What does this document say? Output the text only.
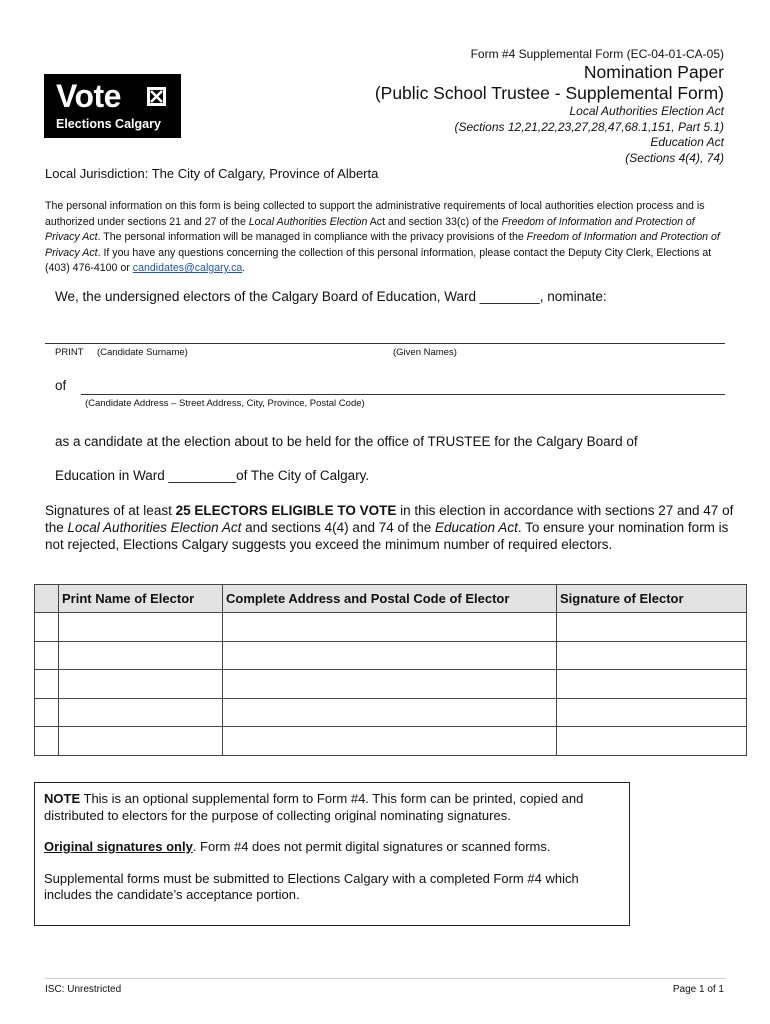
Vote
Elections Calgary
Form #4 Supplemental Form (EC-04-01-CA-05)
Nomination Paper
(Public School Trustee - Supplemental Form)
Local Authorities Election Act
(Sections 12,21,22,23,27,28,47,68.1,151, Part 5.1)
Education Act
(Sections 4(4), 74)
Local Jurisdiction: The City of Calgary, Province of Alberta
The personal information on this form is being collected to support the administrative requirements of local authorities election process and is authorized under sections 21 and 27 of the Local Authorities Election Act and section 33(c) of the Freedom of Information and Protection of Privacy Act. The personal information will be managed in compliance with the privacy provisions of the Freedom of Information and Protection of Privacy Act. If you have any questions concerning the collection of this personal information, please contact the Deputy City Clerk, Elections at (403) 476-4100 or candidates@calgary.ca.
We, the undersigned electors of the Calgary Board of Education, Ward ________, nominate:
PRINT (Candidate Surname)	(Given Names)
of
(Candidate Address – Street Address, City, Province, Postal Code)
as a candidate at the election about to be held for the office of TRUSTEE for the Calgary Board of
Education in Ward _________of The City of Calgary.
Signatures of at least 25 ELECTORS ELIGIBLE TO VOTE in this election in accordance with sections 27 and 47 of the Local Authorities Election Act and sections 4(4) and 74 of the Education Act. To ensure your nomination form is not rejected, Elections Calgary suggests you exceed the minimum number of required electors.
	Print Name of Elector	Complete Address and Postal Code of Elector	Signature of Elector

NOTE This is an optional supplemental form to Form #4. This form can be printed, copied and distributed to electors for the purpose of collecting original nominating signatures.

Original signatures only. Form #4 does not permit digital signatures or scanned forms.

Supplemental forms must be submitted to Elections Calgary with a completed Form #4 which includes the candidate’s acceptance portion.

ISC: Unrestricted	Page 1 of 1
